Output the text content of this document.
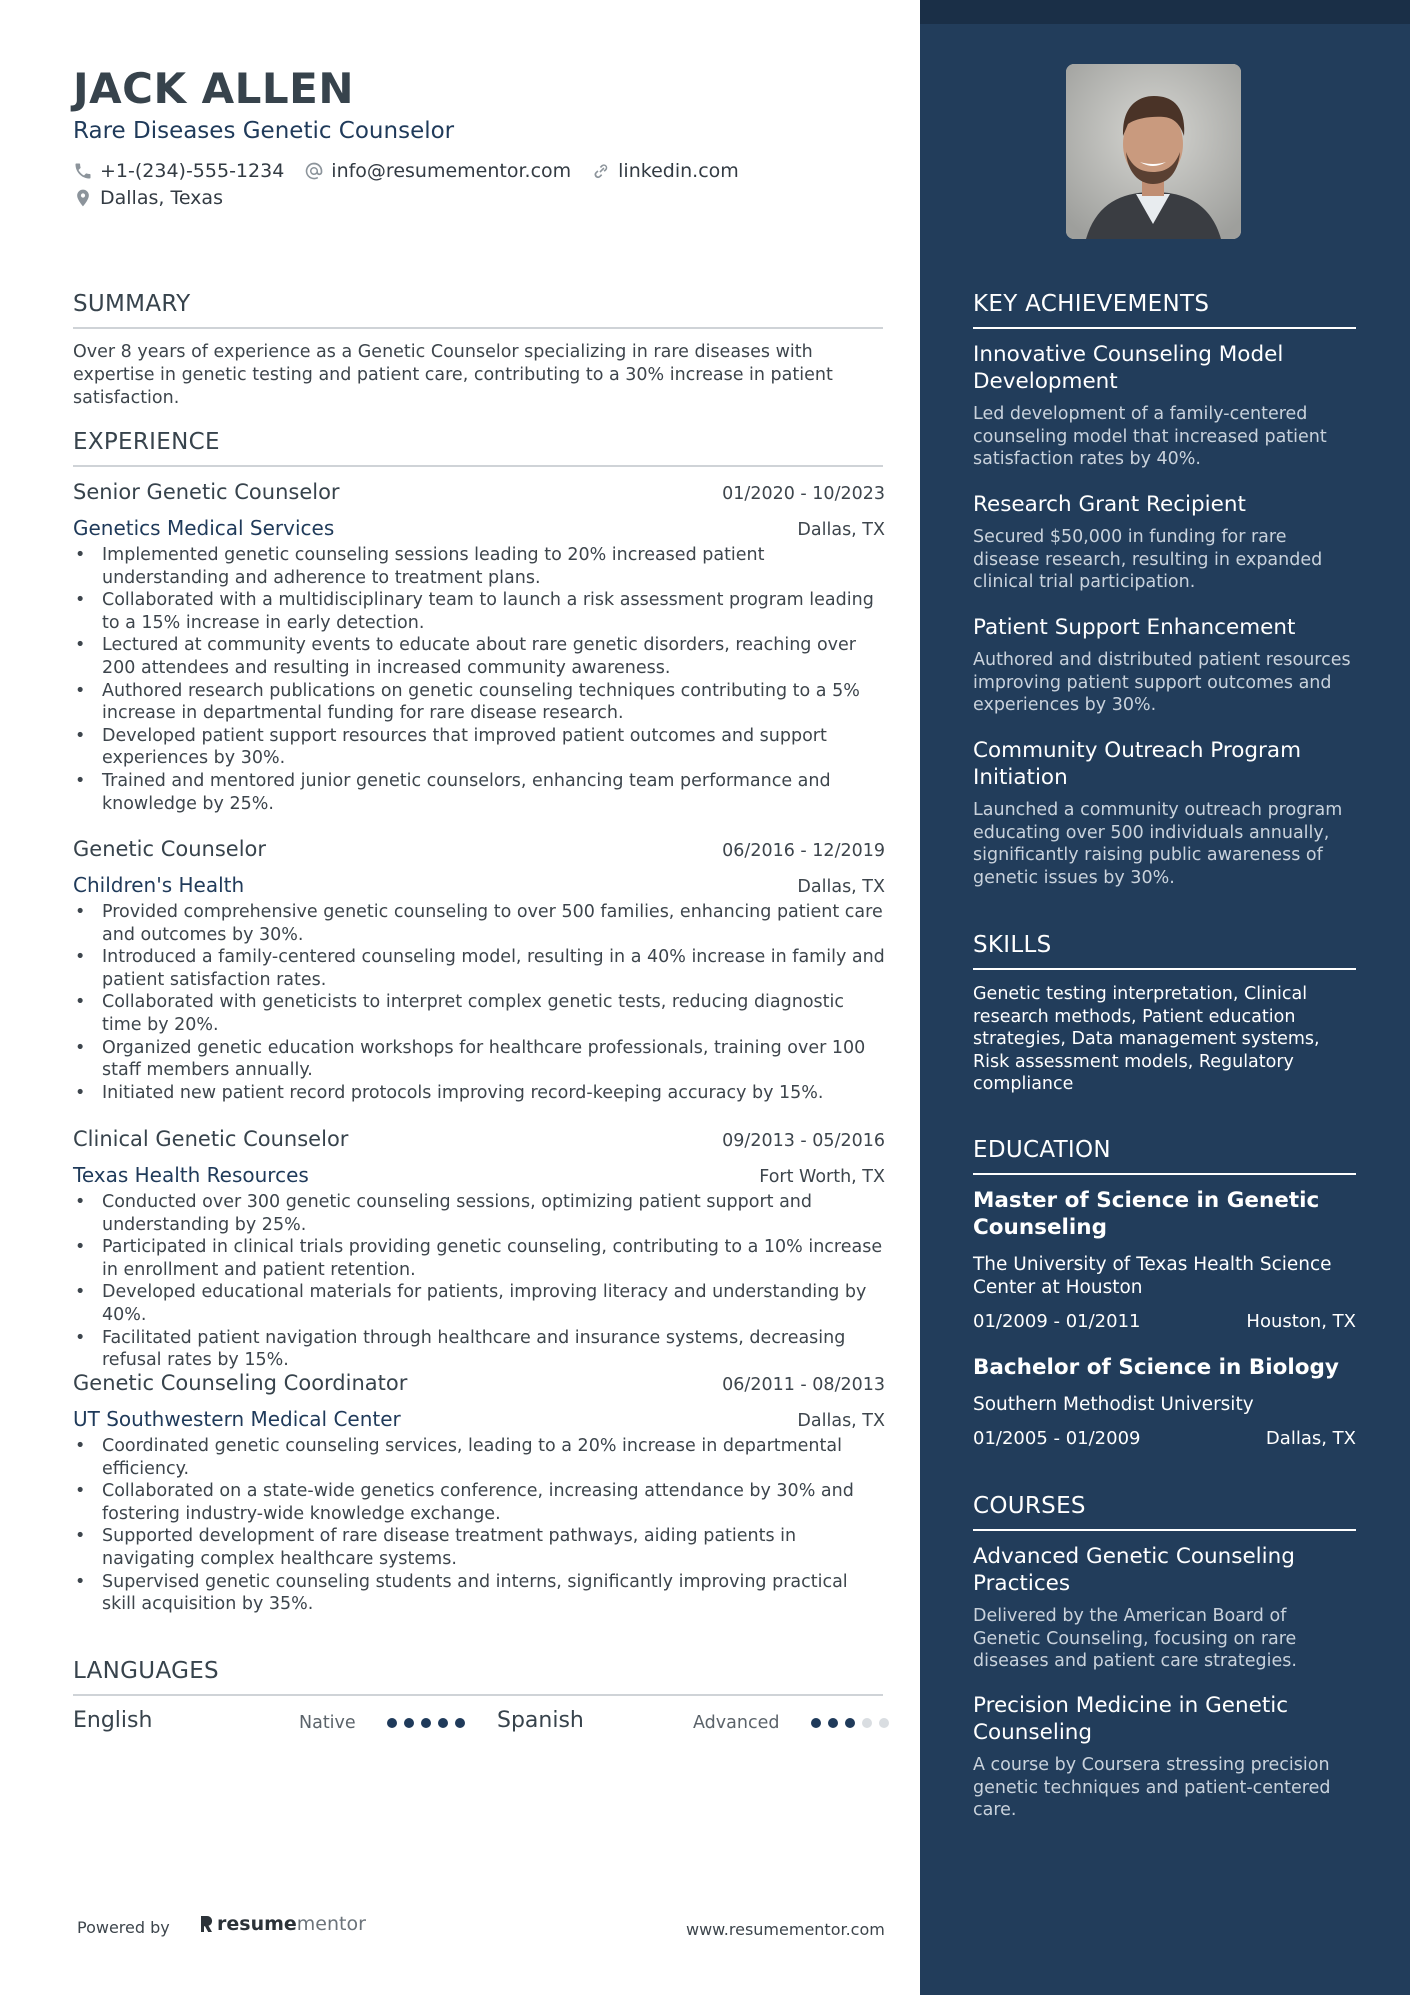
JACK ALLEN
Rare Diseases Genetic Counselor
+1-(234)-555-1234 info@resumementor.com linkedin.com
Dallas, Texas
SUMMARY
Over 8 years of experience as a Genetic Counselor specializing in rare diseases with expertise in genetic testing and patient care, contributing to a 30% increase in patient satisfaction.
EXPERIENCE
Senior Genetic Counselor	01/2020 - 10/2023
Genetics Medical Services	Dallas, TX
• Implemented genetic counseling sessions leading to 20% increased patient understanding and adherence to treatment plans.
• Collaborated with a multidisciplinary team to launch a risk assessment program leading to a 15% increase in early detection.
• Lectured at community events to educate about rare genetic disorders, reaching over 200 attendees and resulting in increased community awareness.
• Authored research publications on genetic counseling techniques contributing to a 5% increase in departmental funding for rare disease research.
• Developed patient support resources that improved patient outcomes and support experiences by 30%.
• Trained and mentored junior genetic counselors, enhancing team performance and knowledge by 25%.
Genetic Counselor	06/2016 - 12/2019
Children's Health	Dallas, TX
• Provided comprehensive genetic counseling to over 500 families, enhancing patient care and outcomes by 30%.
• Introduced a family-centered counseling model, resulting in a 40% increase in family and patient satisfaction rates.
• Collaborated with geneticists to interpret complex genetic tests, reducing diagnostic time by 20%.
• Organized genetic education workshops for healthcare professionals, training over 100 staff members annually.
• Initiated new patient record protocols improving record-keeping accuracy by 15%.
Clinical Genetic Counselor	09/2013 - 05/2016
Texas Health Resources	Fort Worth, TX
• Conducted over 300 genetic counseling sessions, optimizing patient support and understanding by 25%.
• Participated in clinical trials providing genetic counseling, contributing to a 10% increase in enrollment and patient retention.
• Developed educational materials for patients, improving literacy and understanding by 40%.
• Facilitated patient navigation through healthcare and insurance systems, decreasing refusal rates by 15%.
Genetic Counseling Coordinator	06/2011 - 08/2013
UT Southwestern Medical Center	Dallas, TX
• Coordinated genetic counseling services, leading to a 20% increase in departmental efficiency.
• Collaborated on a state-wide genetics conference, increasing attendance by 30% and fostering industry-wide knowledge exchange.
• Supported development of rare disease treatment pathways, aiding patients in navigating complex healthcare systems.
• Supervised genetic counseling students and interns, significantly improving practical skill acquisition by 35%.
LANGUAGES
English	Native	Spanish	Advanced
Powered by resume mentor	www.resumementor.com
KEY ACHIEVEMENTS
Innovative Counseling Model Development
Led development of a family-centered counseling model that increased patient satisfaction rates by 40%.
Research Grant Recipient
Secured $50,000 in funding for rare disease research, resulting in expanded clinical trial participation.
Patient Support Enhancement
Authored and distributed patient resources improving patient support outcomes and experiences by 30%.
Community Outreach Program Initiation
Launched a community outreach program educating over 500 individuals annually, significantly raising public awareness of genetic issues by 30%.
SKILLS
Genetic testing interpretation, Clinical research methods, Patient education strategies, Data management systems, Risk assessment models, Regulatory compliance
EDUCATION
Master of Science in Genetic Counseling
The University of Texas Health Science Center at Houston
01/2009 - 01/2011	Houston, TX
Bachelor of Science in Biology
Southern Methodist University
01/2005 - 01/2009	Dallas, TX
COURSES
Advanced Genetic Counseling Practices
Delivered by the American Board of Genetic Counseling, focusing on rare diseases and patient care strategies.
Precision Medicine in Genetic Counseling
A course by Coursera stressing precision genetic techniques and patient-centered care.
